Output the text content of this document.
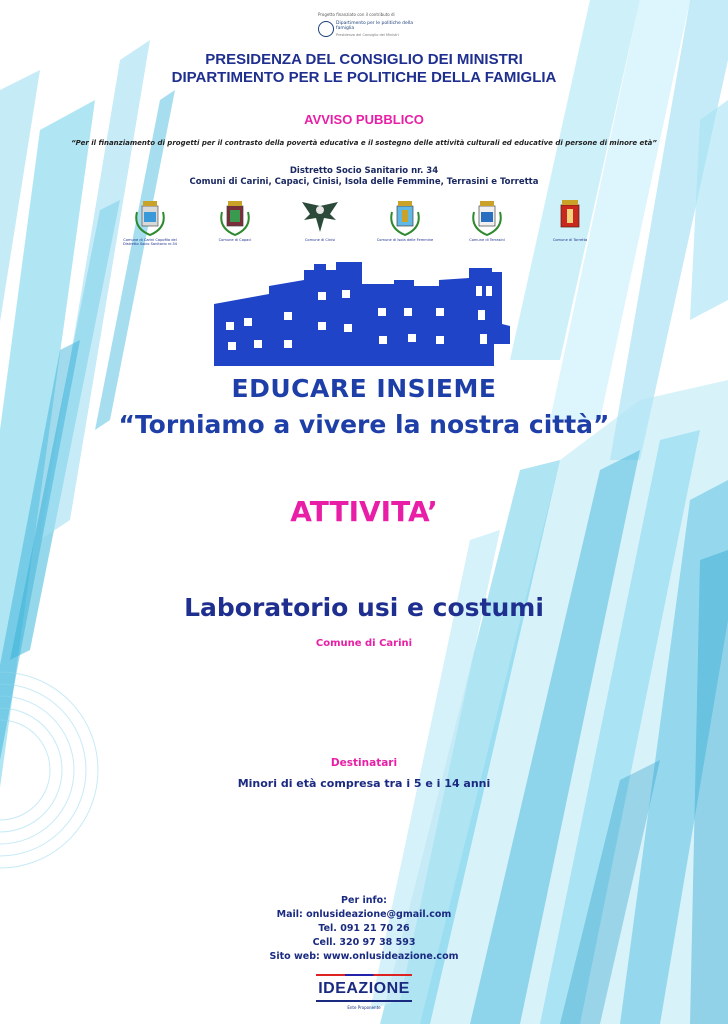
Progetto finanziato con il contributo di
Dipartimento per le politiche della famiglia
Presidenza del Consiglio dei Ministri
PRESIDENZA DEL CONSIGLIO DEI MINISTRI
DIPARTIMENTO PER LE POLITICHE DELLA FAMIGLIA
AVVISO PUBBLICO
“Per il finanziamento di progetti per il contrasto della povertà educativa e il sostegno delle attività culturali ed educative di persone di minore età”
Distretto Socio Sanitario nr. 34
Comuni di Carini, Capaci, Cinisi, Isola delle Femmine, Terrasini e Torretta
Comune di Carini Capofila del Distretto Socio Sanitario nr.34
Comune di Capaci	Comune di Cinisi	Comune di Isola delle Femmine	Comune di Terrasini	Comune di Torretta
EDUCARE INSIEME
“Torniamo a vivere la nostra città”
ATTIVITA’
Laboratorio usi e costumi
Comune di Carini
Destinatari
Minori di età compresa tra i 5 e i 14 anni
Per info:
Mail: onlusideazione@gmail.com
Tel. 091 21 70 26
Cell. 320 97 38 593
Sito web: www.onlusideazione.com
IDEAZIONE
Ente Proponente
